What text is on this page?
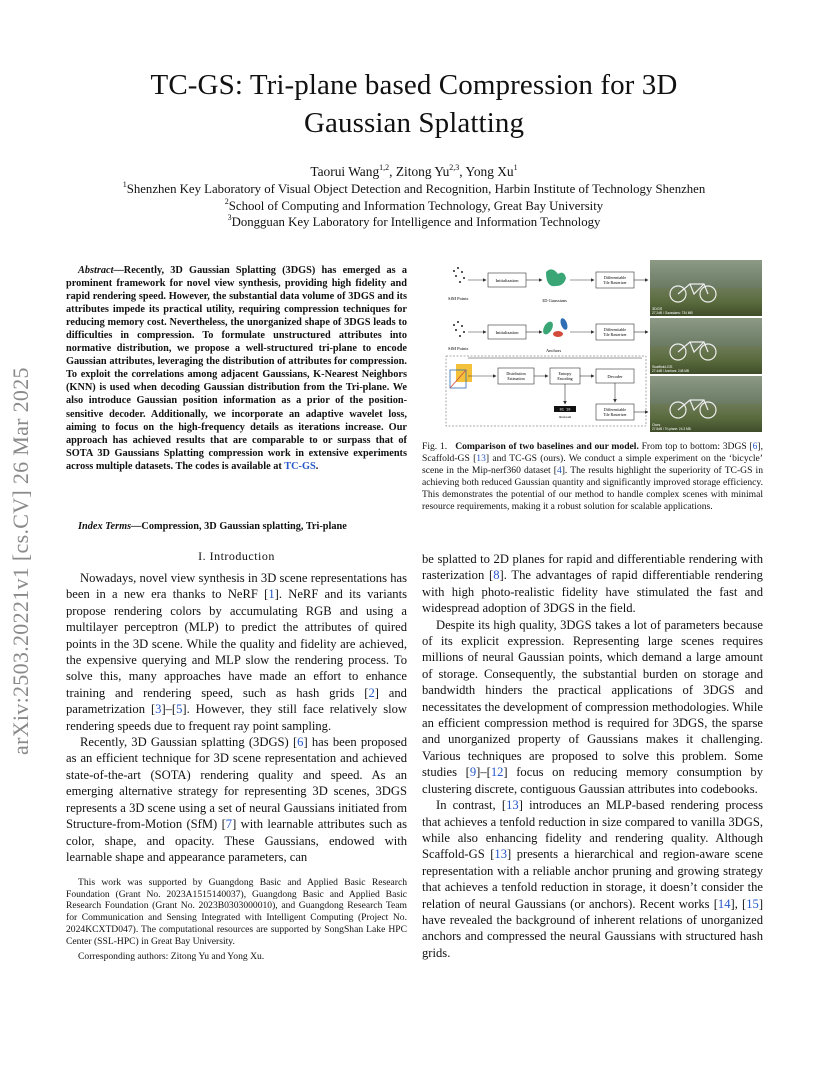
arXiv:2503.20221v1 [cs.CV] 26 Mar 2025
TC-GS: Tri-plane based Compression for 3D
Gaussian Splatting
Taorui Wang$^{1,2}$, Zitong Yu$^{2,3}$, Yong Xu$^1$
$^1$Shenzhen Key Laboratory of Visual Object Detection and Recognition, Harbin Institute of Technology Shenzhen
$^2$School of Computing and Information Technology, Great Bay University
$^3$Dongguan Key Laboratory for Intelligence and Information Technology
Abstract—Recently, 3D Gaussian Splatting (3DGS) has emerged as a prominent framework for novel view synthesis, providing high fidelity and rapid rendering speed. However, the substantial data volume of 3DGS and its attributes impede its practical utility, requiring compression techniques for reducing memory cost. Nevertheless, the unorganized shape of 3DGS leads to difficulties in compression. To formulate unstructured attributes into normative distribution, we propose a well-structured tri-plane to encode Gaussian attributes, leveraging the distribution of attributes for compression. To exploit the correlations among adjacent Gaussians, K-Nearest Neighbors (KNN) is used when decoding Gaussian distribution from the Tri-plane. We also introduce Gaussian position information as a prior of the position-sensitive decoder. Additionally, we incorporate an adaptive wavelet loss, aiming to focus on the high-frequency details as iterations increase. Our approach has achieved results that are comparable to or surpass that of SOTA 3D Gaussians Splatting compression work in extensive experiments across multiple datasets. The codes is available at TC-GS.
Index Terms—Compression, 3D Gaussian splatting, Tri-plane
I. Introduction

Nowadays, novel view synthesis in 3D scene representations has been in a new era thanks to NeRF [1]. NeRF and its variants propose rendering colors by accumulating RGB and using a multilayer perceptron (MLP) to predict the attributes of quired points in the 3D scene. While the quality and fidelity are achieved, the expensive querying and MLP slow the rendering process. To solve this, many approaches have made an effort to enhance training and rendering speed, such as hash grids [2] and parametrization [3]–[5]. However, they still face relatively slow rendering speeds due to frequent ray point sampling.

Recently, 3D Gaussian splatting (3DGS) [6] has been proposed as an efficient technique for 3D scene representation and achieved state-of-the-art (SOTA) rendering quality and speed. As an emerging alternative strategy for representing 3D scenes, 3DGS represents a 3D scene using a set of neural Gaussians initiated from Structure-from-Motion (SfM) [7] with learnable attributes such as color, shape, and opacity. These Gaussians, endowed with learnable shape and appearance parameters, can

This work was supported by Guangdong Basic and Applied Basic Research Foundation (Grant No. 2023A1515140037), Guangdong Basic and Applied Basic Research Foundation (Grant No. 2023B0303000010), and Guangdong Research Team for Communication and Sensing Integrated with Intelligent Computing (Project No. 2024KCXTD047). The computational resources are supported by SongShan Lake HPC Center (SSL-HPC) in Great Bay University.

Corresponding authors: Zitong Yu and Yong Xu.

SfM Points
Initialization
3D Gaussians
Differentiable
Tile Rasterizer
SfM Points
Initialization
Anchors
Differentiable
Tile Rasterizer
Distribution
Estimation
Entropy
Encoding	Decoder
01 10
bitstream
Differentiable
Tile Rasterizer
3DGS
27.2dB / Gaussians: 734 MB
Scaffold-GS
27.4dB / Anchors: 248 MB
Ours
27.8dB / Tri-plane: 24.3 MB
Fig. 1. Comparison of two baselines and our model. From top to bottom: 3DGS [6], Scaffold-GS [13] and TC-GS (ours). We conduct a simple experiment on the ‘bicycle’ scene in the Mip-nerf360 dataset [4]. The results highlight the superiority of TC-GS in achieving both reduced Gaussian quantity and significantly improved storage efficiency. This demonstrates the potential of our method to handle complex scenes with minimal resource requirements, making it a robust solution for scalable applications.

be splatted to 2D planes for rapid and differentiable rendering with rasterization [8]. The advantages of rapid differentiable rendering with high photo-realistic fidelity have stimulated the fast and widespread adoption of 3DGS in the field.

Despite its high quality, 3DGS takes a lot of parameters because of its explicit expression. Representing large scenes requires millions of neural Gaussian points, which demand a large amount of storage. Consequently, the substantial burden on storage and bandwidth hinders the practical applications of 3DGS and necessitates the development of compression methodologies. While an efficient compression method is required for 3DGS, the sparse and unorganized property of Gaussians makes it challenging. Various techniques are proposed to solve this problem. Some studies [9]–[12] focus on reducing memory consumption by clustering discrete, contiguous Gaussian attributes into codebooks.

In contrast, [13] introduces an MLP-based rendering process that achieves a tenfold reduction in size compared to vanilla 3DGS, while also enhancing fidelity and rendering quality. Although Scaffold-GS [13] presents a hierarchical and region-aware scene representation with a reliable anchor pruning and growing strategy that achieves a tenfold reduction in storage, it doesn’t consider the relation of neural Gaussians (or anchors). Recent works [14], [15] have revealed the background of inherent relations of unorganized anchors and compressed the neural Gaussians with structured hash grids.
